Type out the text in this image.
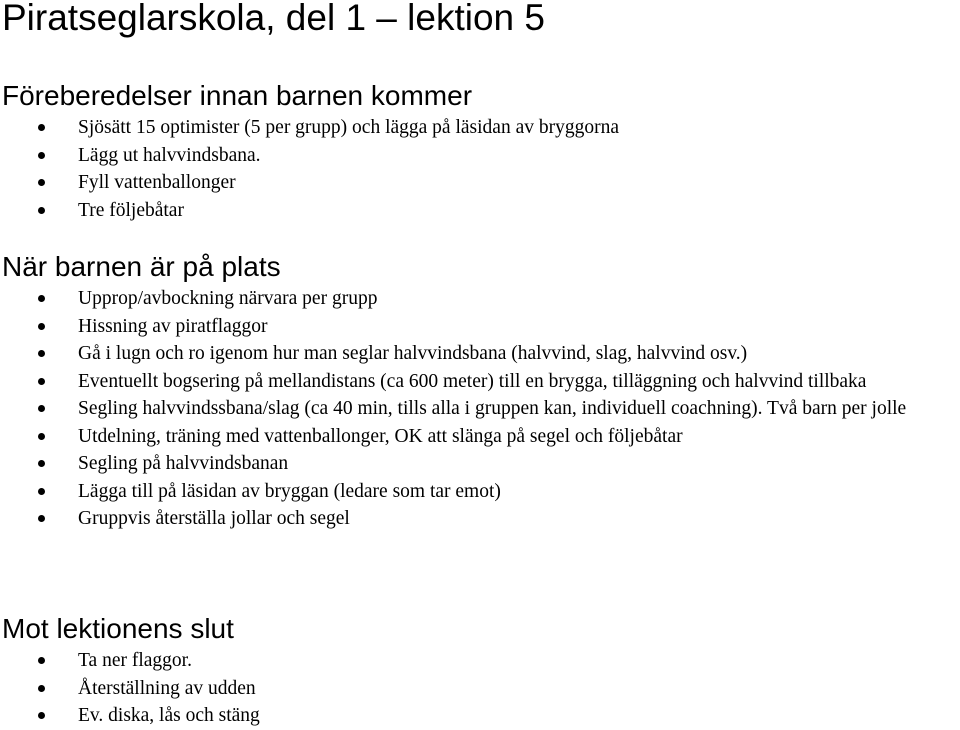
Piratseglarskola, del 1 – lektion 5
Föreberedelser innan barnen kommer
Sjösätt 15 optimister (5 per grupp) och lägga på läsidan av bryggorna
Lägg ut halvvindsbana.
Fyll vattenballonger
Tre följebåtar
När barnen är på plats
Upprop/avbockning närvara per grupp
Hissning av piratflaggor
Gå i lugn och ro igenom hur man seglar halvvindsbana (halvvind, slag, halvvind osv.)
Eventuellt bogsering på mellandistans (ca 600 meter) till en brygga, tilläggning och halvvind tillbaka
Segling halvvindssbana/slag (ca 40 min, tills alla i gruppen kan, individuell coachning). Två barn per jolle
Utdelning, träning med vattenballonger, OK att slänga på segel och följebåtar
Segling på halvvindsbanan
Lägga till på läsidan av bryggan (ledare som tar emot)
Gruppvis återställa jollar och segel
Mot lektionens slut
Ta ner flaggor.
Återställning av udden
Ev. diska, lås och stäng
